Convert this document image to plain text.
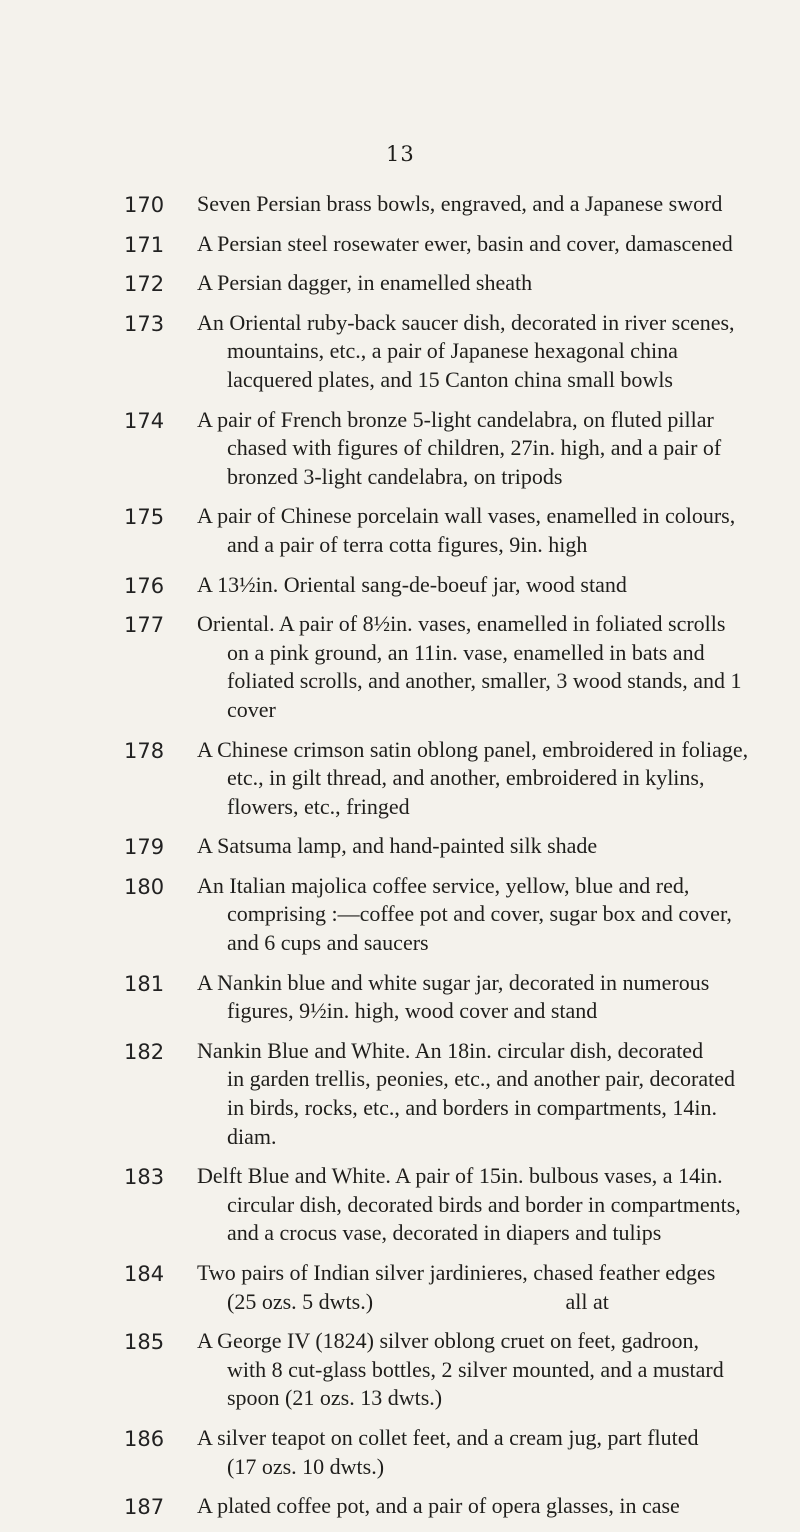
13
170 Seven Persian brass bowls, engraved, and a Japanese sword
171 A Persian steel rosewater ewer, basin and cover, damascened
172 A Persian dagger, in enamelled sheath
173 An Oriental ruby-back saucer dish, decorated in river scenes,
mountains, etc., a pair of Japanese hexagonal china
lacquered plates, and 15 Canton china small bowls
174 A pair of French bronze 5-light candelabra, on fluted pillar
chased with figures of children, 27in. high, and a pair of
bronzed 3-light candelabra, on tripods
175 A pair of Chinese porcelain wall vases, enamelled in colours,
and a pair of terra cotta figures, 9in. high
176 A 13½in. Oriental sang-de-boeuf jar, wood stand
177 Oriental. A pair of 8½in. vases, enamelled in foliated scrolls
on a pink ground, an 11in. vase, enamelled in bats and
foliated scrolls, and another, smaller, 3 wood stands, and 1
cover
178 A Chinese crimson satin oblong panel, embroidered in foliage,
etc., in gilt thread, and another, embroidered in kylins,
flowers, etc., fringed
179 A Satsuma lamp, and hand-painted silk shade
180 An Italian majolica coffee service, yellow, blue and red,
comprising :—coffee pot and cover, sugar box and cover,
and 6 cups and saucers
181 A Nankin blue and white sugar jar, decorated in numerous
figures, 9½in. high, wood cover and stand
182 Nankin Blue and White. An 18in. circular dish, decorated
in garden trellis, peonies, etc., and another pair, decorated
in birds, rocks, etc., and borders in compartments, 14in.
diam.
183 Delft Blue and White. A pair of 15in. bulbous vases, a 14in.
circular dish, decorated birds and border in compartments,
and a crocus vase, decorated in diapers and tulips
184 Two pairs of Indian silver jardinieres, chased feather edges
(25 ozs. 5 dwts.)                                   all at
185 A George IV (1824) silver oblong cruet on feet, gadroon,
with 8 cut-glass bottles, 2 silver mounted, and a mustard
spoon (21 ozs. 13 dwts.)
186 A silver teapot on collet feet, and a cream jug, part fluted
(17 ozs. 10 dwts.)
187 A plated coffee pot, and a pair of opera glasses, in case
